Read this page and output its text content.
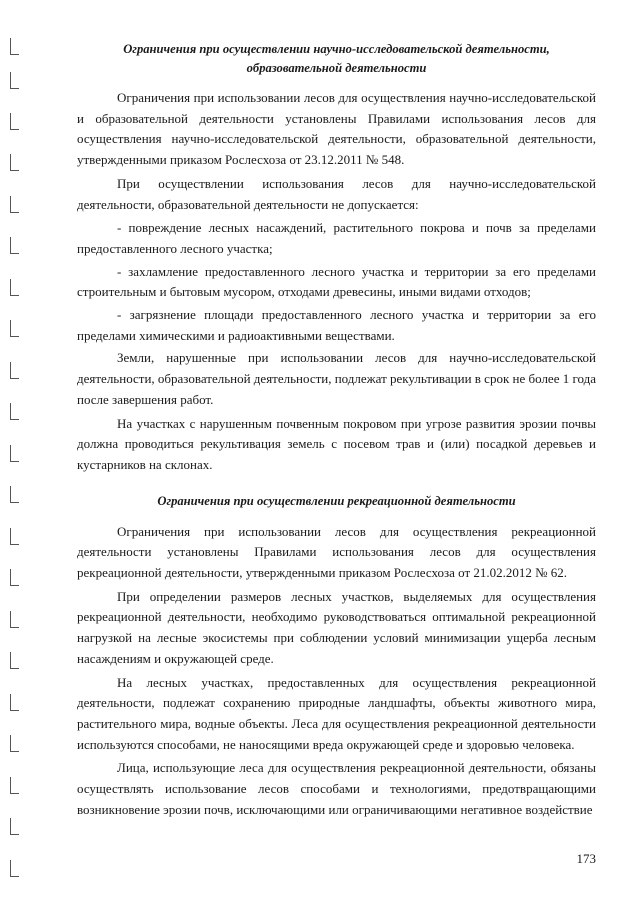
Ограничения при осуществлении научно-исследовательской деятельности, образовательной деятельности

Ограничения при использовании лесов для осуществления научно-исследовательской и образовательной деятельности установлены Правилами использования лесов для осуществления научно-исследовательской деятельности, образовательной деятельности, утвержденными приказом Рослесхоза от 23.12.2011 № 548.

При осуществлении использования лесов для научно-исследовательской деятельности, образовательной деятельности не допускается:

- повреждение лесных насаждений, растительного покрова и почв за пределами предоставленного лесного участка;

- захламление предоставленного лесного участка и территории за его пределами строительным и бытовым мусором, отходами древесины, иными видами отходов;

- загрязнение площади предоставленного лесного участка и территории за его пределами химическими и радиоактивными веществами.

Земли, нарушенные при использовании лесов для научно-исследовательской деятельности, образовательной деятельности, подлежат рекультивации в срок не более 1 года после завершения работ.

На участках с нарушенным почвенным покровом при угрозе развития эрозии почвы должна проводиться рекультивация земель с посевом трав и (или) посадкой деревьев и кустарников на склонах.

Ограничения при осуществлении рекреационной деятельности

Ограничения при использовании лесов для осуществления рекреационной деятельности установлены Правилами использования лесов для осуществления рекреационной деятельности, утвержденными приказом Рослесхоза от 21.02.2012 № 62.

При определении размеров лесных участков, выделяемых для осуществления рекреационной деятельности, необходимо руководствоваться оптимальной рекреационной нагрузкой на лесные экосистемы при соблюдении условий минимизации ущерба лесным насаждениям и окружающей среде.

На лесных участках, предоставленных для осуществления рекреационной деятельности, подлежат сохранению природные ландшафты, объекты животного мира, растительного мира, водные объекты. Леса для осуществления рекреационной деятельности используются способами, не наносящими вреда окружающей среде и здоровью человека.

Лица, использующие леса для осуществления рекреационной деятельности, обязаны осуществлять использование лесов способами и технологиями, предотвращающими возникновение эрозии почв, исключающими или ограничивающими негативное воздействие

173
